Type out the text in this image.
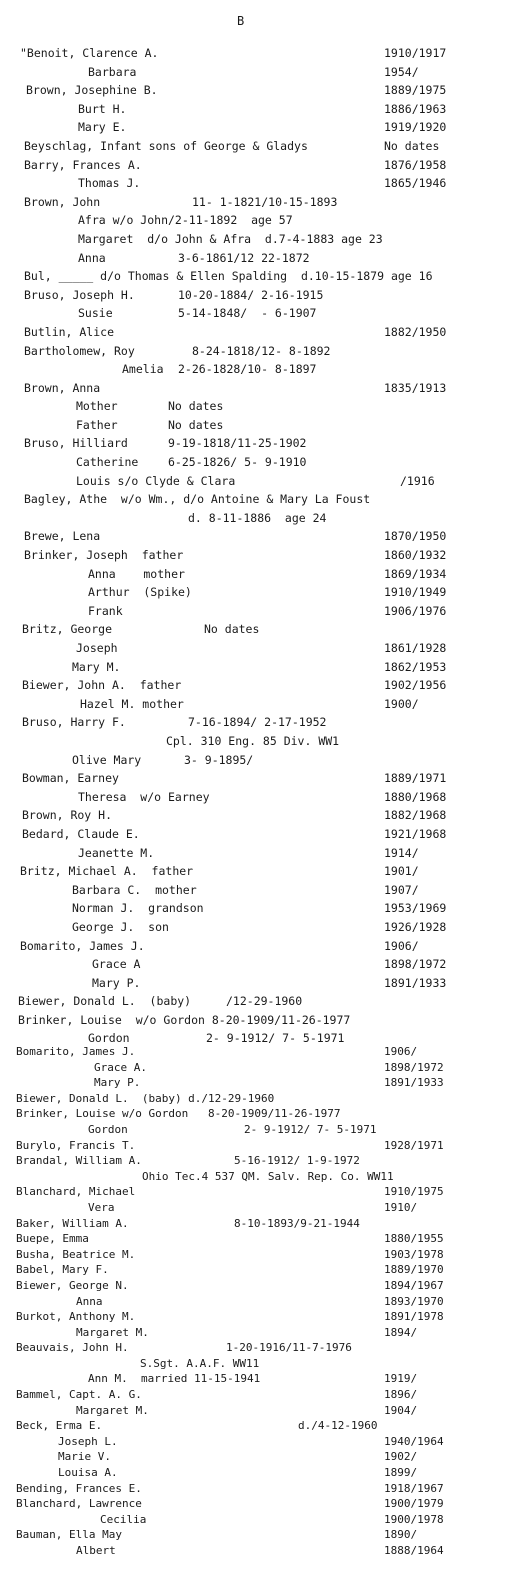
B
"Benoit, Clarence A.	1910/1917
Barbara	1954/
Brown, Josephine B.	1889/1975
Burt H.	1886/1963
Mary E.	1919/1920
Beyschlag, Infant sons of George & Gladys	No dates
Barry, Frances A.	1876/1958
Thomas J.	1865/1946
Brown, John	11- 1-1821/10-15-1893
Afra w/o John/2-11-1892  age 57
Margaret  d/o John & Afra  d.7-4-1883 age 23
Anna	3-6-1861/12 22-1872
Bul, _____ d/o Thomas & Ellen Spalding  d.10-15-1879 age 16
Bruso, Joseph H.	10-20-1884/ 2-16-1915
Susie	5-14-1848/  - 6-1907
Butlin, Alice	1882/1950
Bartholomew, Roy	8-24-1818/12- 8-1892
Amelia 2-26-1828/10- 8-1897
Brown, Anna	1835/1913
Mother	No dates
Father	No dates
Bruso, Hilliard	9-19-1818/11-25-1902
Catherine	6-25-1826/ 5- 9-1910
Louis s/o Clyde & Clara	/1916
Bagley, Athe  w/o Wm., d/o Antoine & Mary La Foust
d. 8-11-1886  age 24
Brewe, Lena	1870/1950
Brinker, Joseph  father	1860/1932
Anna    mother	1869/1934
Arthur  (Spike)	1910/1949
Frank	1906/1976
Britz, George	No dates
Joseph	1861/1928
Mary M.	1862/1953
Biewer, John A.  father	1902/1956
Hazel M. mother	1900/
Bruso, Harry F.	7-16-1894/ 2-17-1952
Cpl. 310 Eng. 85 Div. WW1
Olive Mary	3- 9-1895/
Bowman, Earney	1889/1971
Theresa  w/o Earney	1880/1968
Brown, Roy H.	1882/1968
Bedard, Claude E.	1921/1968
Jeanette M.	1914/
Britz, Michael A.  father	1901/
Barbara C.  mother	1907/
Norman J.  grandson	1953/1969
George J.  son	1926/1928
Bomarito, James J.	1906/
Grace A	1898/1972
Mary P.	1891/1933
Biewer, Donald L.  (baby)	/12-29-1960
Brinker, Louise  w/o Gordon 8-20-1909/11-26-1977
Gordon	2- 9-1912/ 7- 5-1971
Bomarito, James J.	1906/
Grace A.	1898/1972
Mary P.	1891/1933
Biewer, Donald L.  (baby) d./12-29-1960
Brinker, Louise w/o Gordon   8-20-1909/11-26-1977
Gordon	2- 9-1912/ 7- 5-1971
Burylo, Francis T.	1928/1971
Brandal, William A.	5-16-1912/ 1-9-1972
Ohio Tec.4 537 QM. Salv. Rep. Co. WW11
Blanchard, Michael	1910/1975
Vera	1910/
Baker, William A.	8-10-1893/9-21-1944
Buepe, Emma	1880/1955
Busha, Beatrice M.	1903/1978
Babel, Mary F.	1889/1970
Biewer, George N.	1894/1967
Anna	1893/1970
Burkot, Anthony M.	1891/1978
Margaret M.	1894/
Beauvais, John H.	1-20-1916/11-7-1976
S.Sgt. A.A.F. WW11
Ann M.  married 11-15-1941	1919/
Bammel, Capt. A. G.	1896/
Margaret M.	1904/
Beck, Erma E.	d./4-12-1960
Joseph L.	1940/1964
Marie V.	1902/
Louisa A.	1899/
Bending, Frances E.	1918/1967
Blanchard, Lawrence	1900/1979
Cecilia	1900/1978
Bauman, Ella May	1890/
Albert	1888/1964
